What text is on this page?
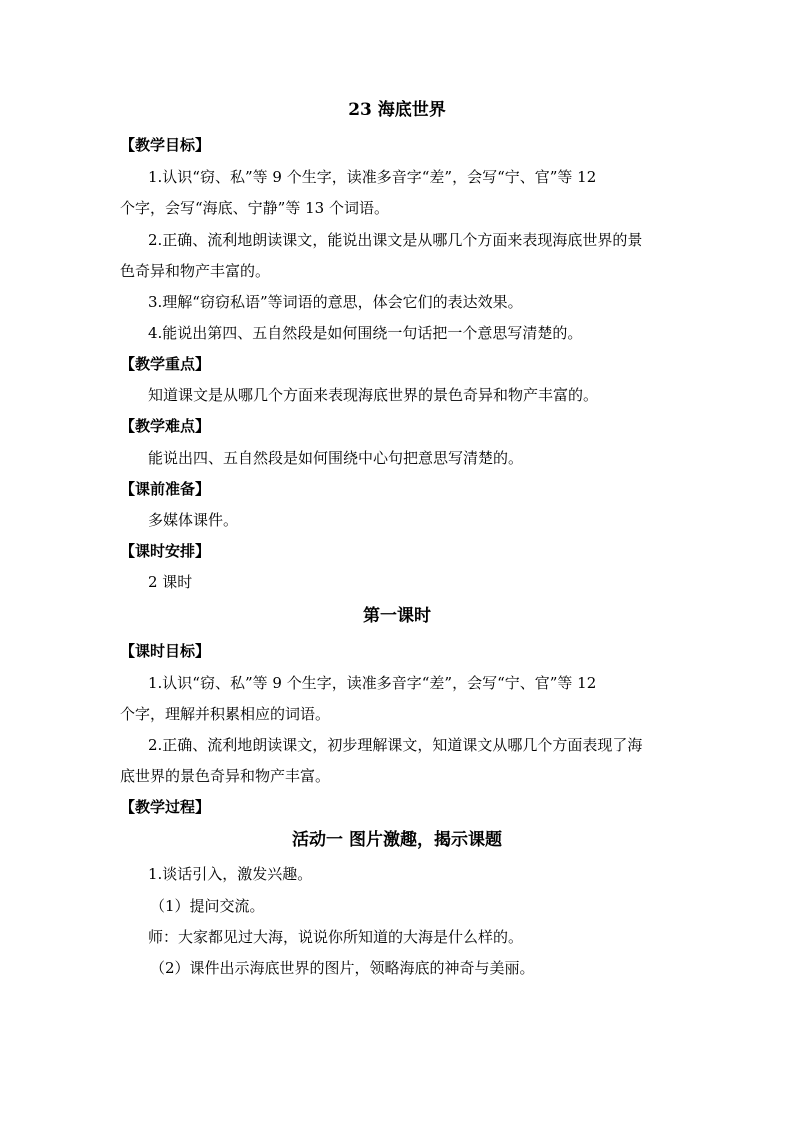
23 海底世界
【教学目标】
1.认识“窃、私”等 9 个生字，读准多音字“差”，会写“宁、官”等 12
个字，会写“海底、宁静”等 13 个词语。
2.正确、流利地朗读课文，能说出课文是从哪几个方面来表现海底世界的景
色奇异和物产丰富的。
3.理解“窃窃私语”等词语的意思，体会它们的表达效果。
4.能说出第四、五自然段是如何围绕一句话把一个意思写清楚的。
【教学重点】
知道课文是从哪几个方面来表现海底世界的景色奇异和物产丰富的。
【教学难点】
能说出四、五自然段是如何围绕中心句把意思写清楚的。
【课前准备】
多媒体课件。
【课时安排】
2 课时
第一课时
【课时目标】
1.认识“窃、私”等 9 个生字，读准多音字“差”，会写“宁、官”等 12
个字，理解并积累相应的词语。
2.正确、流利地朗读课文，初步理解课文，知道课文从哪几个方面表现了海
底世界的景色奇异和物产丰富。
【教学过程】
活动一 图片激趣，揭示课题
1.谈话引入，激发兴趣。
（1）提问交流。
师：大家都见过大海，说说你所知道的大海是什么样的。
（2）课件出示海底世界的图片，领略海底的神奇与美丽。
